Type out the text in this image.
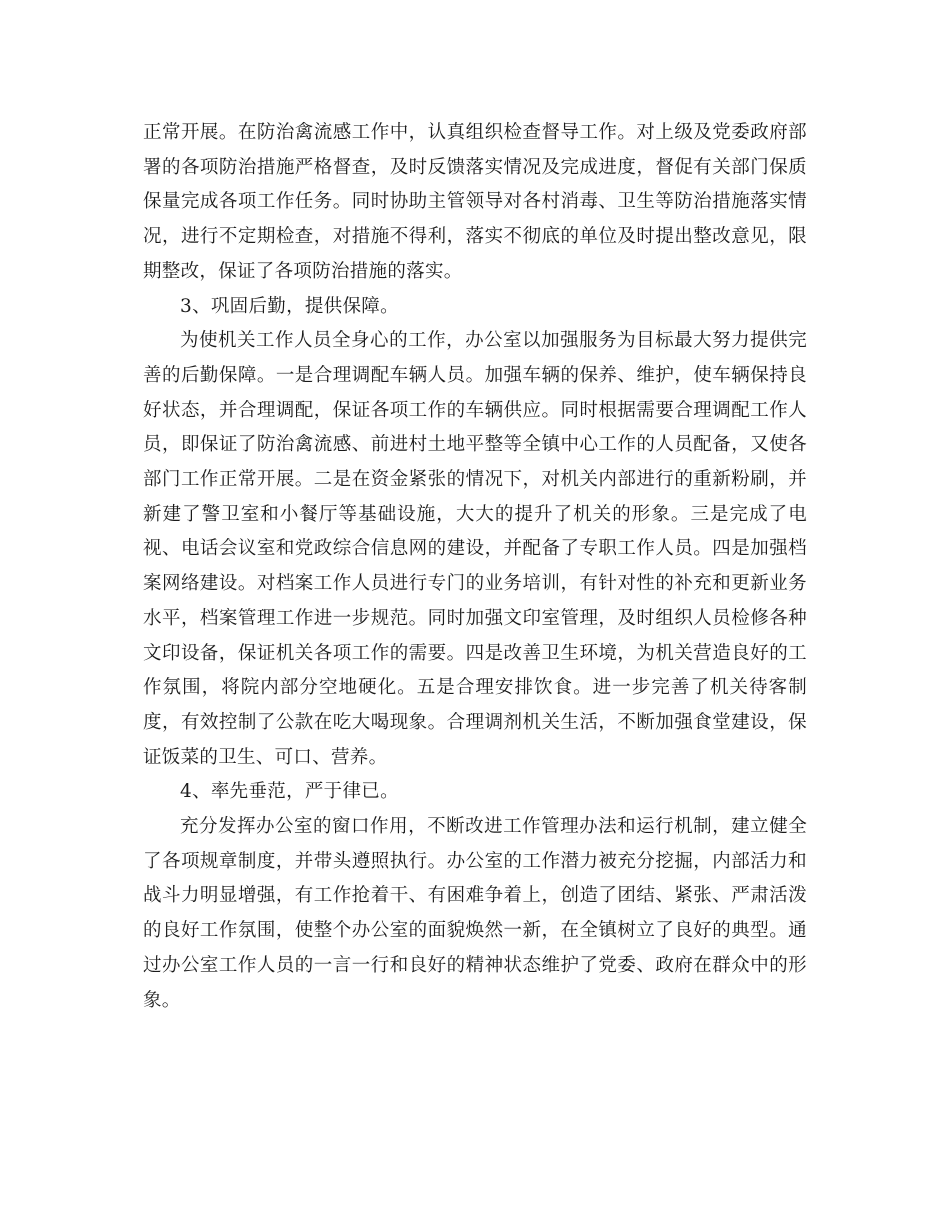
正常开展。在防治禽流感工作中，认真组织检查督导工作。对上级及党委政府部署的各项防治措施严格督查，及时反馈落实情况及完成进度，督促有关部门保质保量完成各项工作任务。同时协助主管领导对各村消毒、卫生等防治措施落实情况，进行不定期检查，对措施不得利，落实不彻底的单位及时提出整改意见，限期整改，保证了各项防治措施的落实。

3、巩固后勤，提供保障。

为使机关工作人员全身心的工作，办公室以加强服务为目标最大努力提供完善的后勤保障。一是合理调配车辆人员。加强车辆的保养、维护，使车辆保持良好状态，并合理调配，保证各项工作的车辆供应。同时根据需要合理调配工作人员，即保证了防治禽流感、前进村土地平整等全镇中心工作的人员配备，又使各部门工作正常开展。二是在资金紧张的情况下，对机关内部进行的重新粉刷，并新建了警卫室和小餐厅等基础设施，大大的提升了机关的形象。三是完成了电视、电话会议室和党政综合信息网的建设，并配备了专职工作人员。四是加强档案网络建设。对档案工作人员进行专门的业务培训，有针对性的补充和更新业务水平，档案管理工作进一步规范。同时加强文印室管理，及时组织人员检修各种文印设备，保证机关各项工作的需要。四是改善卫生环境，为机关营造良好的工作氛围，将院内部分空地硬化。五是合理安排饮食。进一步完善了机关待客制度，有效控制了公款在吃大喝现象。合理调剂机关生活，不断加强食堂建设，保证饭菜的卫生、可口、营养。

4、率先垂范，严于律已。

充分发挥办公室的窗口作用，不断改进工作管理办法和运行机制，建立健全了各项规章制度，并带头遵照执行。办公室的工作潜力被充分挖掘，内部活力和战斗力明显增强，有工作抢着干、有困难争着上，创造了团结、紧张、严肃活泼的良好工作氛围，使整个办公室的面貌焕然一新，在全镇树立了良好的典型。通过办公室工作人员的一言一行和良好的精神状态维护了党委、政府在群众中的形象。
